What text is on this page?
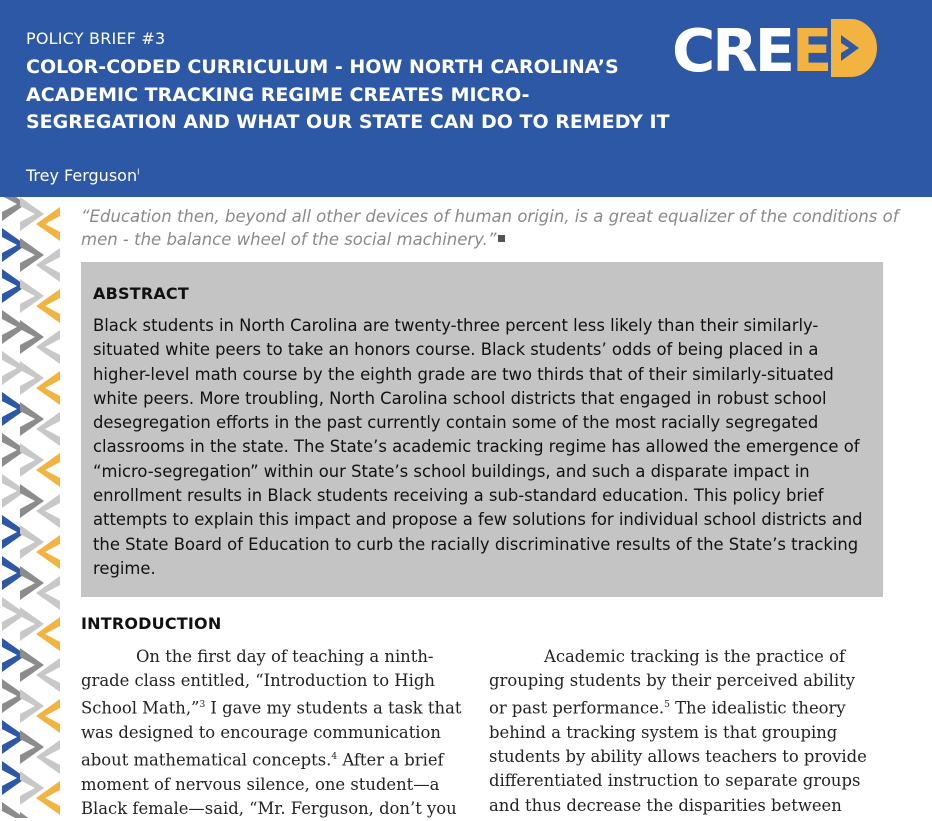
POLICY BRIEF #3
COLOR-CODED CURRICULUM - HOW NORTH CAROLINA’S ACADEMIC TRACKING REGIME CREATES MICRO-SEGREGATION AND WHAT OUR STATE CAN DO TO REMEDY IT
Trey Ferguson$^I$
CREE
“Education then, beyond all other devices of human origin, is a great equalizer of the conditions of men - the balance wheel of the social machinery.”
ABSTRACT

Black students in North Carolina are twenty-three percent less likely than their similarly-situated white peers to take an honors course. Black students’ odds of being placed in a higher-level math course by the eighth grade are two thirds that of their similarly-situated white peers. More troubling, North Carolina school districts that engaged in robust school desegregation efforts in the past currently contain some of the most racially segregated classrooms in the state. The State’s academic tracking regime has allowed the emergence of “micro-segregation” within our State’s school buildings, and such a disparate impact in enrollment results in Black students receiving a sub-standard education. This policy brief attempts to explain this impact and propose a few solutions for individual school districts and the State Board of Education to curb the racially discriminative results of the State’s tracking regime.

INTRODUCTION

On the first day of teaching a ninth-grade class entitled, “Introduction to High School Math,”$^3$ I gave my students a task that was designed to encourage communication about mathematical concepts.$^4$ After a brief moment of nervous silence, one student—a Black female—said, “Mr. Ferguson, don’t you

Academic tracking is the practice of grouping students by their perceived ability or past performance.$^5$ The idealistic theory behind a tracking system is that grouping students by ability allows teachers to provide differentiated instruction to separate groups and thus decrease the disparities between
